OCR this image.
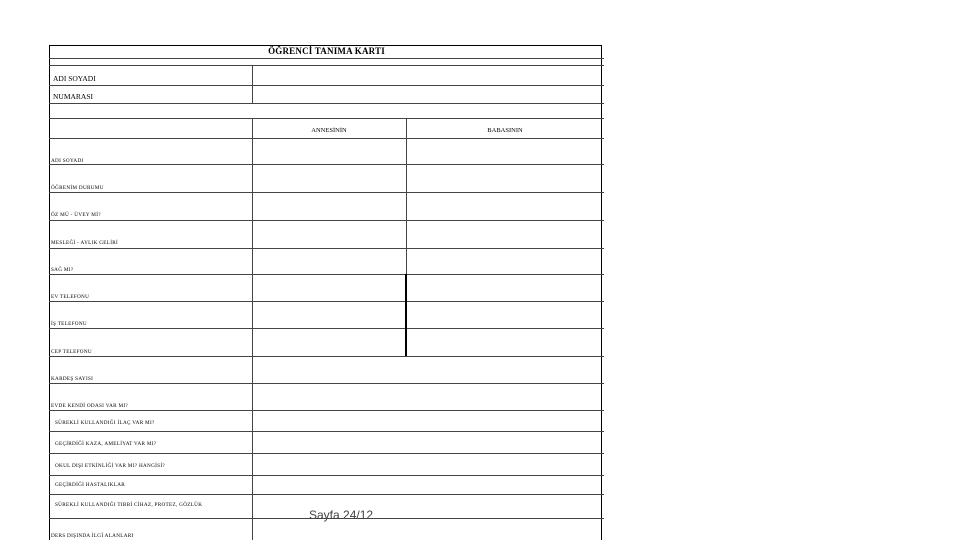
ÖĞRENCİ TANIMA KARTI
ADI SOYADI
NUMARASI
ANNESİNİN	BABASININ
ADI SOYADI
ÖĞRENİM DURUMU
ÖZ MÜ - ÜVEY Mİ?
MESLEĞİ - AYLIK GELİRİ
SAĞ MI?
EV TELEFONU
İŞ TELEFONU
CEP TELEFONU
KARDEŞ SAYISI
EVDE KENDİ ODASI VAR MI?
SÜREKLİ KULLANDIĞI İLAÇ VAR MI?
GEÇİRDİĞİ KAZA, AMELİYAT VAR MI?
OKUL DIŞI ETKİNLİĞİ VAR MI? HANGİSİ?
GEÇİRDİĞİ HASTALIKLAR
SÜREKLİ KULLANDIĞI TIBBİ CİHAZ, PROTEZ, GÖZLÜK
DERS DIŞINDA İLGİ ALANLARI
Sayfa 24/12
